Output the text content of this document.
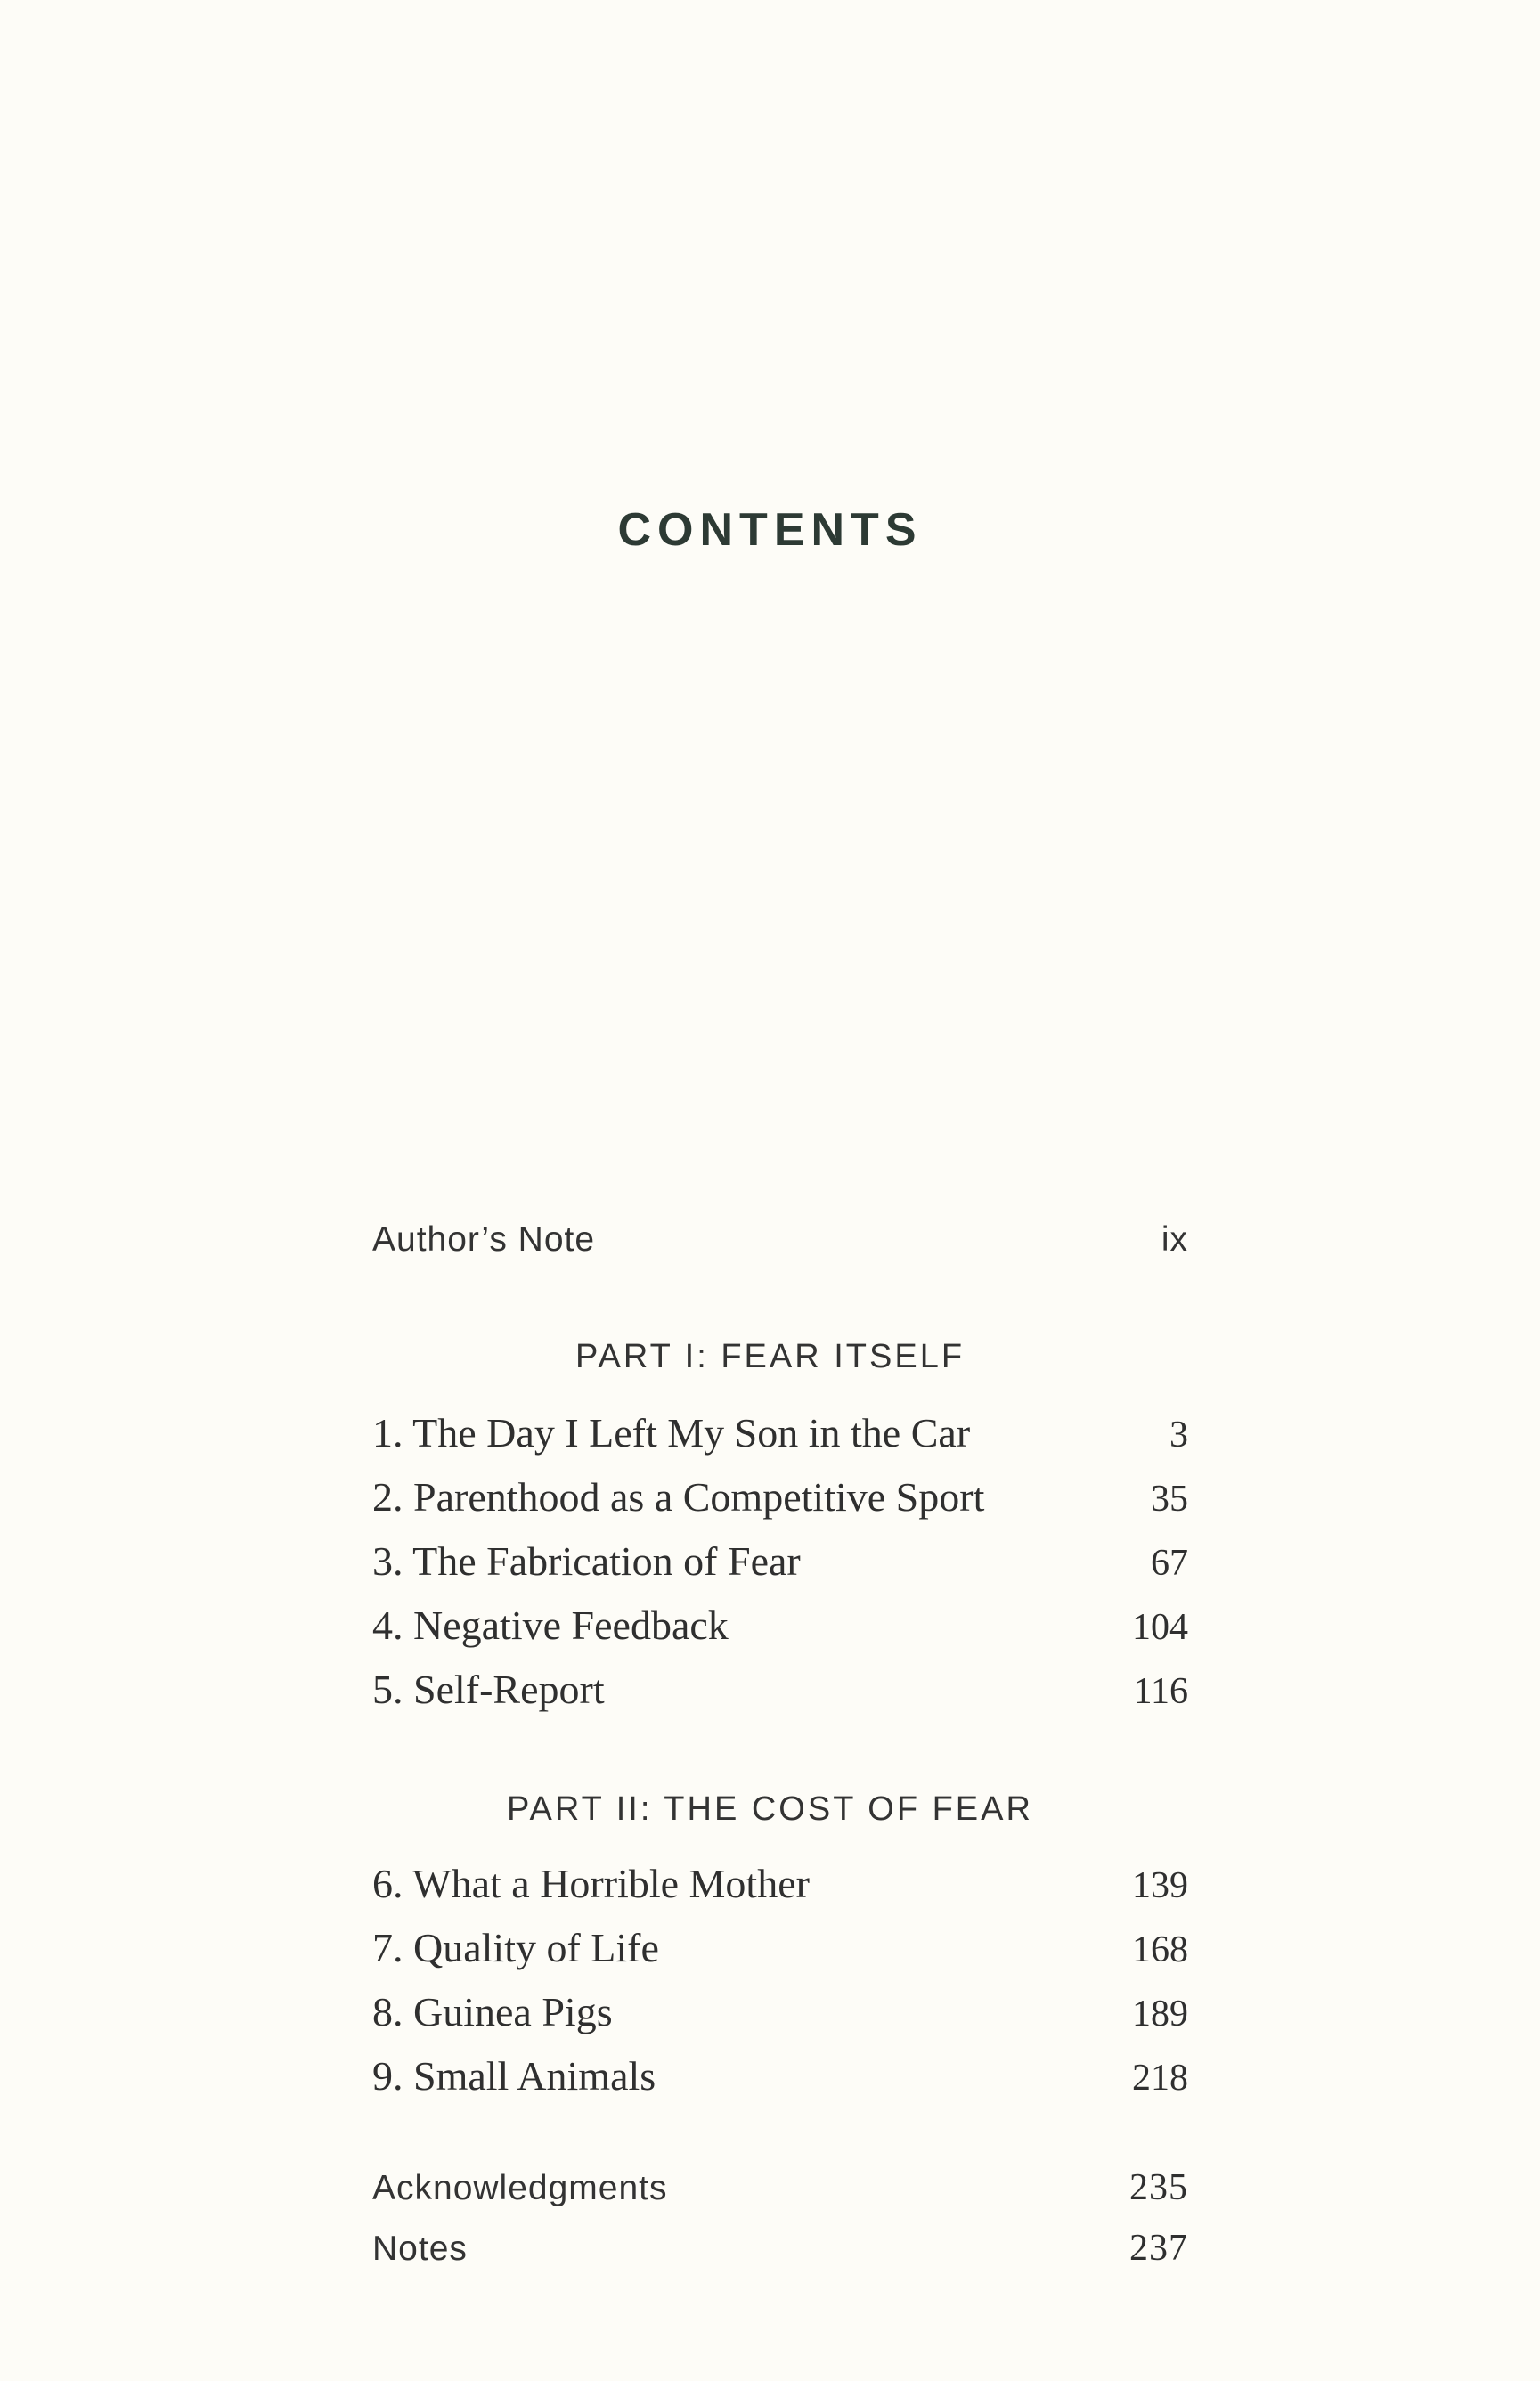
CONTENTS
Author’s Note	ix
PART I: FEAR ITSELF
1. The Day I Left My Son in the Car	3
2. Parenthood as a Competitive Sport	35
3. The Fabrication of Fear	67
4. Negative Feedback	104
5. Self-Report	116
PART II: THE COST OF FEAR
6. What a Horrible Mother	139
7. Quality of Life	168
8. Guinea Pigs	189
9. Small Animals	218
Acknowledgments	235
Notes	237
